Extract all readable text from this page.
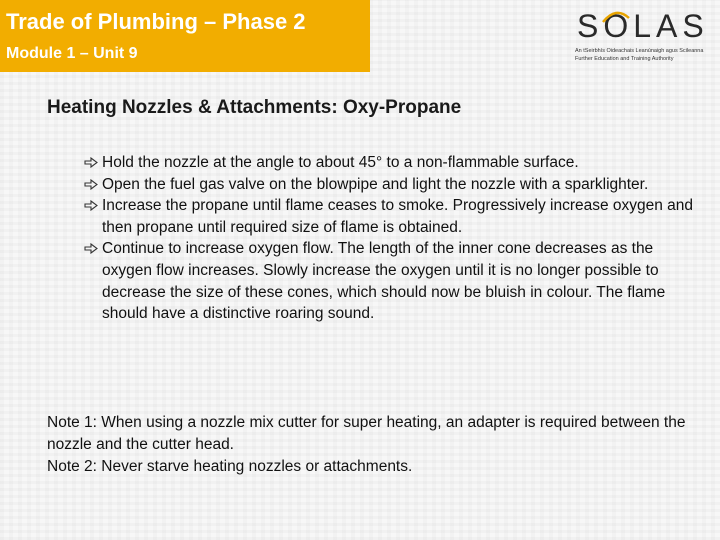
Trade of Plumbing – Phase 2
Module 1 – Unit 9
SOLAS
An tSeirbhís Oideachais Leanúnaigh agus Scileanna
Further Education and Training Authority
Heating Nozzles & Attachments: Oxy-Propane
Hold the nozzle at the angle to about 45° to a non-flammable surface.
Open the fuel gas valve on the blowpipe and light the nozzle with a sparklighter.
Increase the propane until flame ceases to smoke. Progressively increase oxygen and then propane until required size of flame is obtained.
Continue to increase oxygen flow. The length of the inner cone decreases as the oxygen flow increases. Slowly increase the oxygen until it is no longer possible to decrease the size of these cones, which should now be bluish in colour. The flame should have a distinctive roaring sound.
Note 1: When using a nozzle mix cutter for super heating, an adapter is required between the nozzle and the cutter head.
Note 2: Never starve heating nozzles or attachments.
